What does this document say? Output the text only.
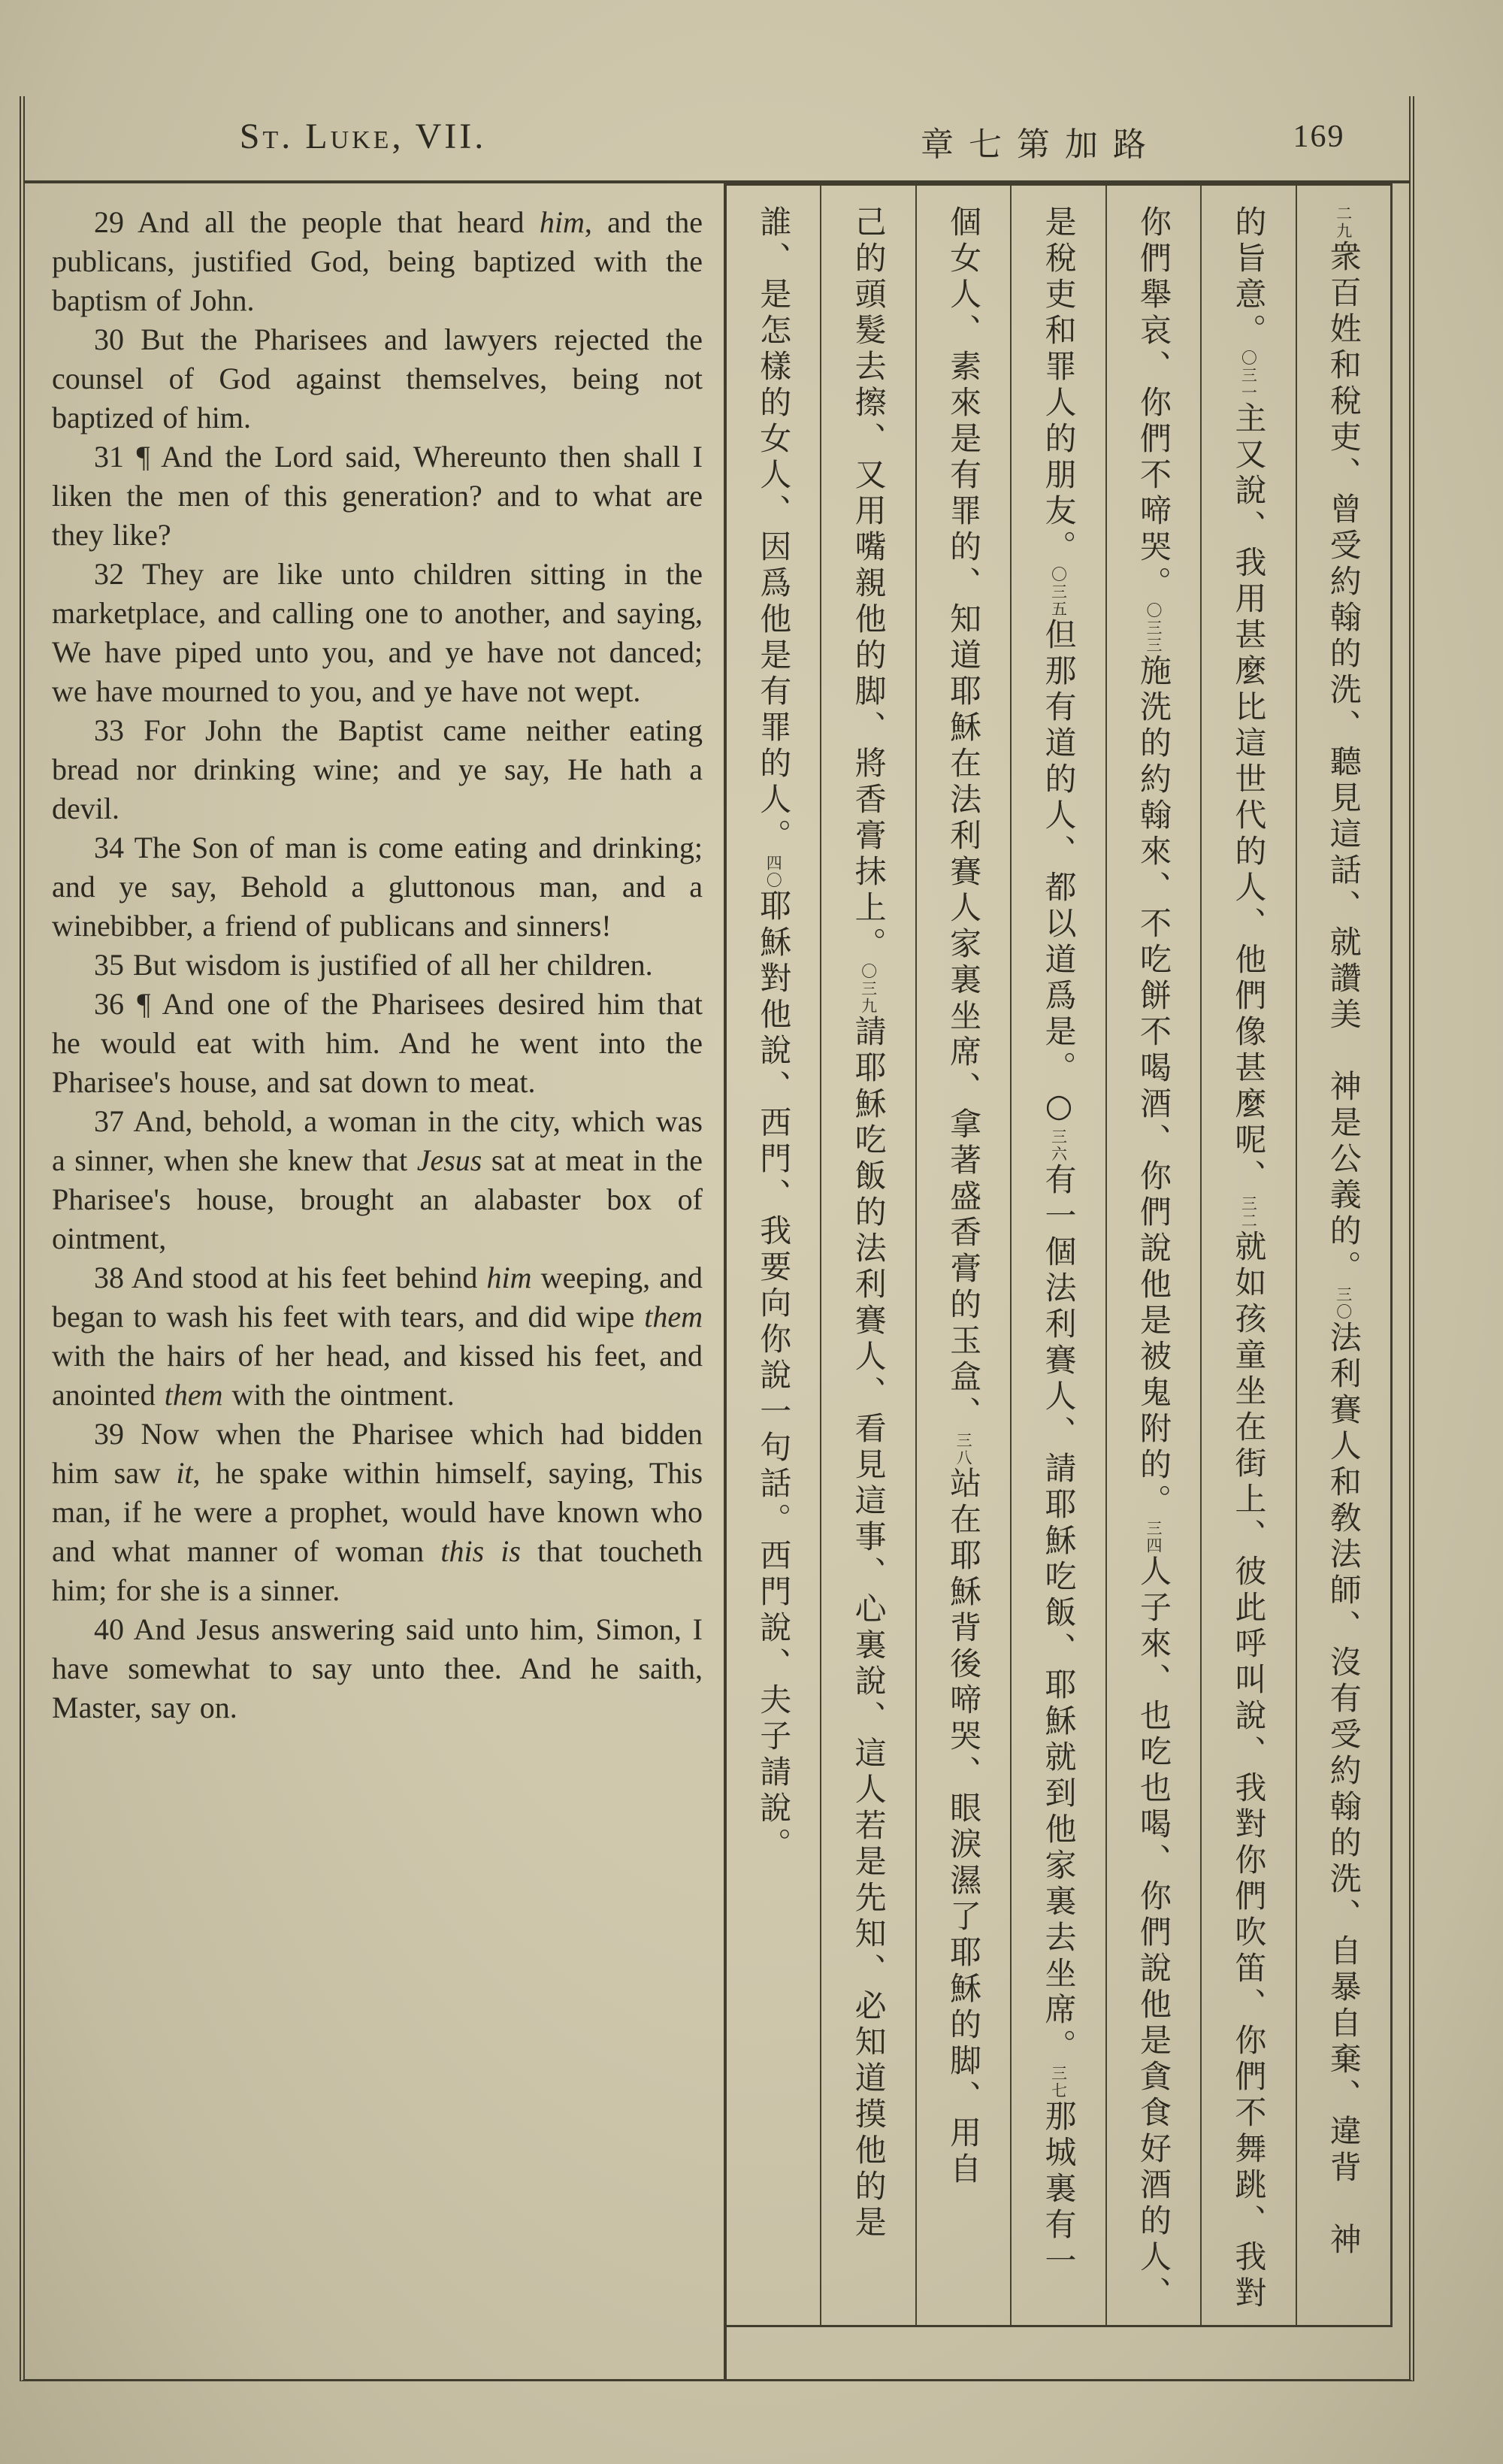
St. Luke, VII.	章七第加路	169

29 And all the people that heard him, and the publicans, justified God, being baptized with the baptism of John.

30 But the Pharisees and lawyers rejected the counsel of God against themselves, being not baptized of him.

31 ¶ And the Lord said, Whereunto then shall I liken the men of this generation? and to what are they like?

32 They are like unto children sitting in the marketplace, and calling one to another, and saying, We have piped unto you, and ye have not danced; we have mourned to you, and ye have not wept.

33 For John the Baptist came neither eating bread nor drinking wine; and ye say, He hath a devil.

34 The Son of man is come eating and drinking; and ye say, Behold a gluttonous man, and a winebibber, a friend of publicans and sinners!

35 But wisdom is justified of all her children.

36 ¶ And one of the Pharisees desired him that he would eat with him. And he went into the Pharisee's house, and sat down to meat.

37 And, behold, a woman in the city, which was a sinner, when she knew that Jesus sat at meat in the Pharisee's house, brought an alabaster box of ointment,

38 And stood at his feet behind him weeping, and began to wash his feet with tears, and did wipe them with the hairs of her head, and kissed his feet, and anointed them with the ointment.

39 Now when the Pharisee which had bidden him saw it, he spake within himself, saying, This man, if he were a prophet, would have known who and what manner of woman this is that toucheth him; for she is a sinner.

40 And Jesus answering said unto him, Simon, I have somewhat to say unto thee. And he saith, Master, say on.

二九衆百姓和稅吏、曾受約翰的洗、聽見這話、就讚美　神是公義的。三〇法利賽人和敎法師、沒有受約翰的洗、自暴自棄、違背　神
的旨意。〇三一主又說、我用甚麼比這世代的人、他們像甚麼呢、三二就如孩童坐在街上、彼此呼叫說、我對你們吹笛、你們不舞跳、我對
你們舉哀、你們不啼哭。〇三三施洗的約翰來、不吃餅不喝酒、你們說他是被鬼附的。三四人子來、也吃也喝、你們說他是貪食好酒的人、
是稅吏和罪人的朋友。〇三五但那有道的人、都以道爲是。○三六有一個法利賽人、請耶穌吃飯、耶穌就到他家裏去坐席。三七那城裏有一
個女人、素來是有罪的、知道耶穌在法利賽人家裏坐席、拿著盛香膏的玉盒、三八站在耶穌背後啼哭、眼淚濕了耶穌的脚、用自
己的頭髮去擦、又用嘴親他的脚、將香膏抹上。〇三九請耶穌吃飯的法利賽人、看見這事、心裏說、這人若是先知、必知道摸他的是
誰、是怎樣的女人、因爲他是有罪的人。四〇耶穌對他說、西門、我要向你說一句話。西門說、夫子請說。
